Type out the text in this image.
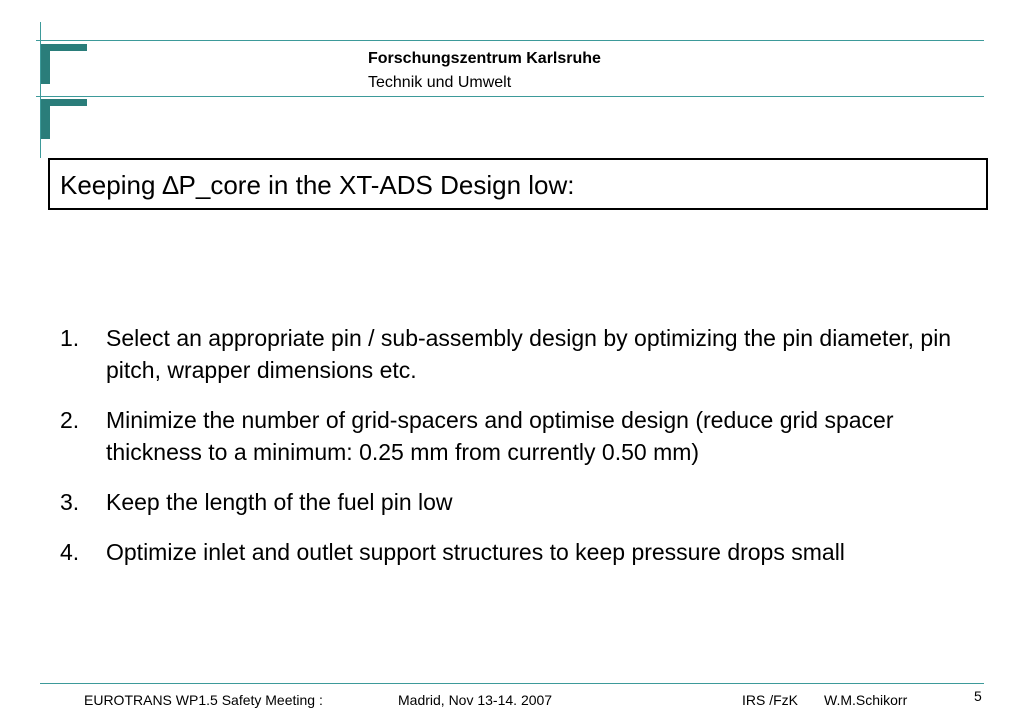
Forschungszentrum Karlsruhe
Technik und Umwelt
Keeping ∆P_core in the XT-ADS Design low:
1. Select an appropriate pin / sub-assembly design by optimizing the pin diameter, pin pitch, wrapper dimensions etc.
2. Minimize the number of grid-spacers and optimise design (reduce grid spacer thickness to a minimum: 0.25 mm from currently 0.50 mm)
3. Keep the length of the fuel pin low
4. Optimize inlet and outlet support structures to keep pressure drops small
EUROTRANS WP1.5 Safety Meeting :	Madrid, Nov 13-14. 2007	IRS /FzK W.M.Schikorr	5
